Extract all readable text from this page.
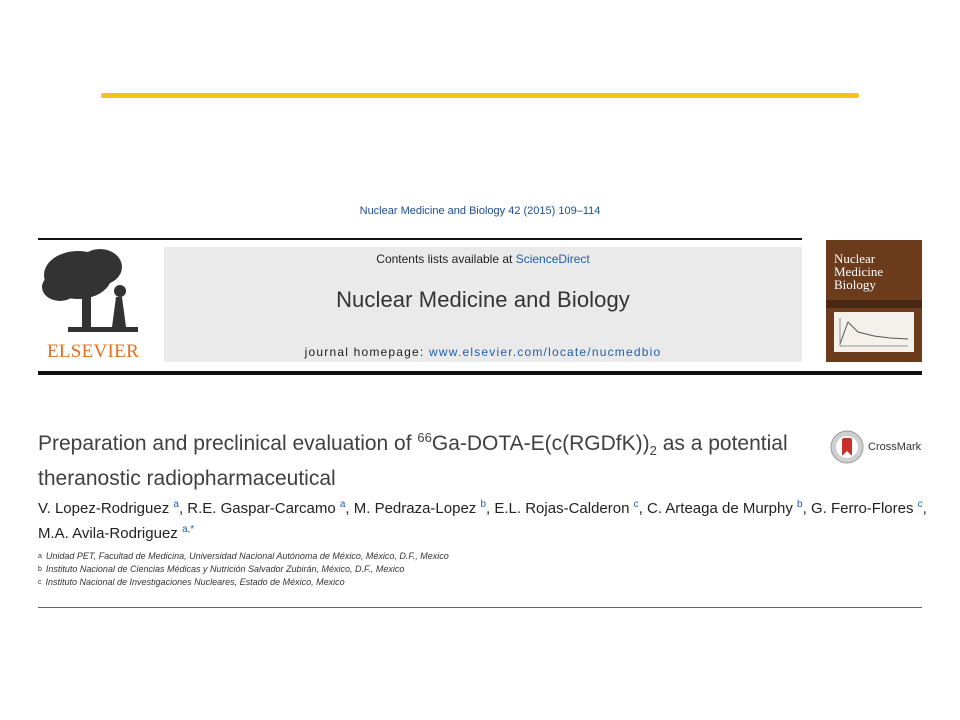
Nuclear Medicine and Biology 42 (2015) 109–114
ELSEVIER
Contents lists available at ScienceDirect
Nuclear Medicine and Biology
journal homepage: www.elsevier.com/locate/nucmedbio
Nuclear
Medicine
Biology
Preparation and preclinical evaluation of $^{66}Ga-DOTA-E(c(RGDfK))_2$ as a potential theranostic radiopharmaceutical
CrossMark
V. Lopez-Rodriguez $^a$, R.E. Gaspar-Carcamo $^a$, M. Pedraza-Lopez $^b$, E.L. Rojas-Calderon $^c$, C. Arteaga de Murphy $^b$, G. Ferro-Flores $^c$, M.A. Avila-Rodriguez $^{a,*}$
$^a$ Unidad PET, Facultad de Medicina, Universidad Nacional Autónoma de México, México, D.F., Mexico
$^b$ Instituto Nacional de Ciencias Médicas y Nutrición Salvador Zubirán, México, D.F., Mexico
$^c$ Instituto Nacional de Investigaciones Nucleares, Estado de México, Mexico
